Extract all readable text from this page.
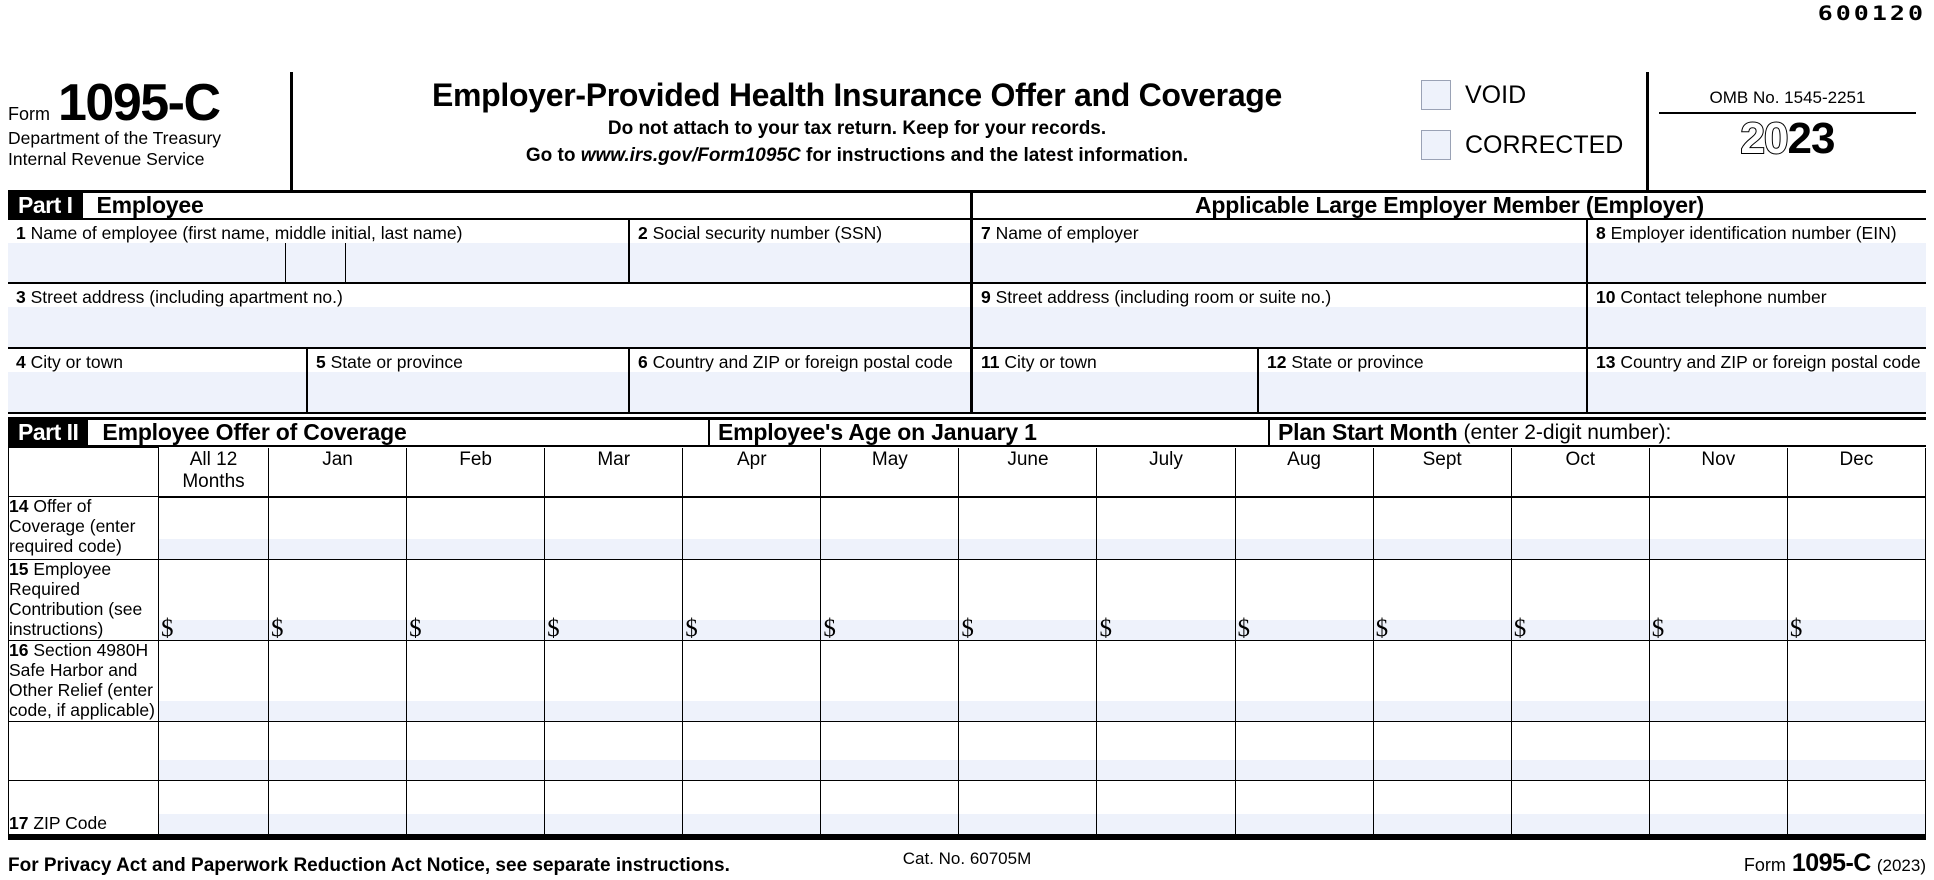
600120
Form 1095-C
Department of the Treasury
Internal Revenue Service
Employer-Provided Health Insurance Offer and Coverage
Do not attach to your tax return. Keep for your records.
Go to www.irs.gov/Form1095C for instructions and the latest information.
VOID
CORRECTED
OMB No. 1545-2251
2023
Part I	Employee	Applicable Large Employer Member (Employer)
1 Name of employee (first name, middle initial, last name)	2 Social security number (SSN)	7 Name of employer	8 Employer identification number (EIN)
3 Street address (including apartment no.)	9 Street address (including room or suite no.)	10 Contact telephone number
4 City or town	5 State or province	6 Country and ZIP or foreign postal code	11 City or town	12 State or province	13 Country and ZIP or foreign postal code
Part II	Employee Offer of Coverage	Employee's Age on January 1	Plan Start Month (enter 2-digit number):
	All 12 Months	Jan	Feb	Mar	Apr	May	June	July	Aug	Sept	Oct	Nov	Dec
14 Offer of Coverage (enter required code)	

15 Employee Required Contribution (see instructions)	$	$	$	$	$	$	$	$	$	$	$	$	$

16 Section 4980H Safe Harbor and Other Relief (enter code, if applicable)	

17 ZIP Code	

For Privacy Act and Paperwork Reduction Act Notice, see separate instructions.	Cat. No. 60705M	Form 1095-C (2023)
